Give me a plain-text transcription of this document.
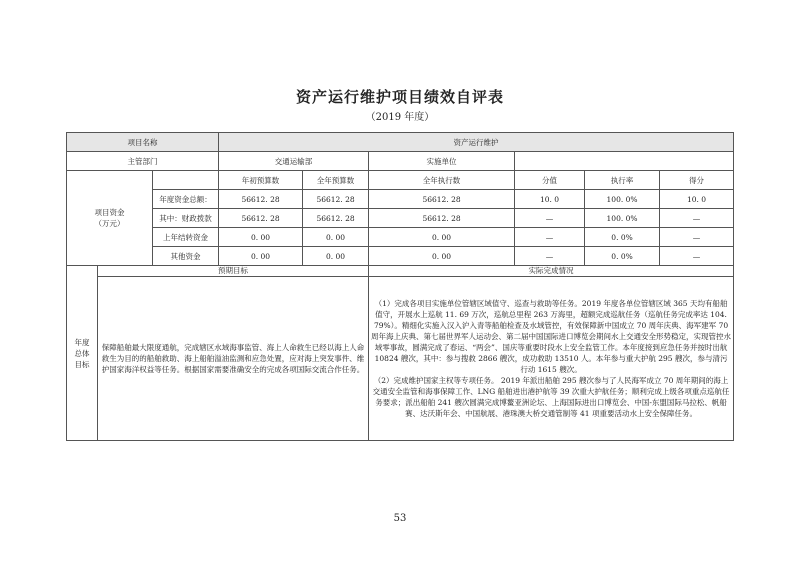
资产运行维护项目绩效自评表
（2019 年度）
项目名称			资产运行维护					
主管部门			交通运输部		实施单位			

项目资金
（万元）			年初预算数	全年预算数	全年执行数	分值	执行率	得分
		年度资金总额：	56612. 28	56612. 28	56612. 28	10. 0	100. 0%	10. 0
		其中：财政拨款	56612. 28	56612. 28	56612. 28	—	100. 0%	—
		上年结转资金	0. 00	0. 00	0. 00	—	0. 0%	—
		其他资金	0. 00	0. 00	0. 00	—	0. 0%	—

年度
总体
目标	预期目标				实际完成情况			
	保障船舶最大限度通航，完成辖区水域海事监管、海上人命救生已经以海上人命救生为目的的船舶救助、海上船舶溢油监测和应急处置，应对海上突发事件、维护国家海洋权益等任务。根据国家需要准确安全的完成各项国际交流合作任务。				（1）完成各项目实施单位管辖区域值守、巡查与救助等任务。2019 年度各单位管辖区域 365 天均有船舶值守，开展水上巡航 11. 69 万次，巡航总里程 263 万海里，超额完成巡航任务（巡航任务完成率达 104. 79%）。精细化实施入汉入沪入青等船舶检查及水域管控，有效保障新中国成立 70 周年庆典、海军建军 70 周年海上庆典、第七届世界军人运动会、第二届中国国际进口博览会期间水上交通安全形势稳定，实现管控水域零事故，圆满完成了春运、“两会”、国庆等重要时段水上安全监管工作。本年度接到应急任务并按时出航 10824 艘次，其中：参与搜救 2866 艘次，成功救助 13510 人。本年参与重大护航 295 艘次，参与清污行动 1615 艘次。
（2）完成维护国家主权等专项任务。 2019 年派出船舶 295 艘次参与了人民海军成立 70 周年期间的海上交通安全监管和海事保障工作、LNG 船舶进出港护航等 39 次重大护航任务；顺利完成上级各项重点巡航任务要求；派出船舶 241 艘次圆满完成博鳌亚洲论坛、上海国际进出口博览会、中国-东盟国际马拉松、帆船赛、达沃斯年会、中国航展、港珠澳大桥交通管制等 41 项重要活动水上安全保障任务。			
53
